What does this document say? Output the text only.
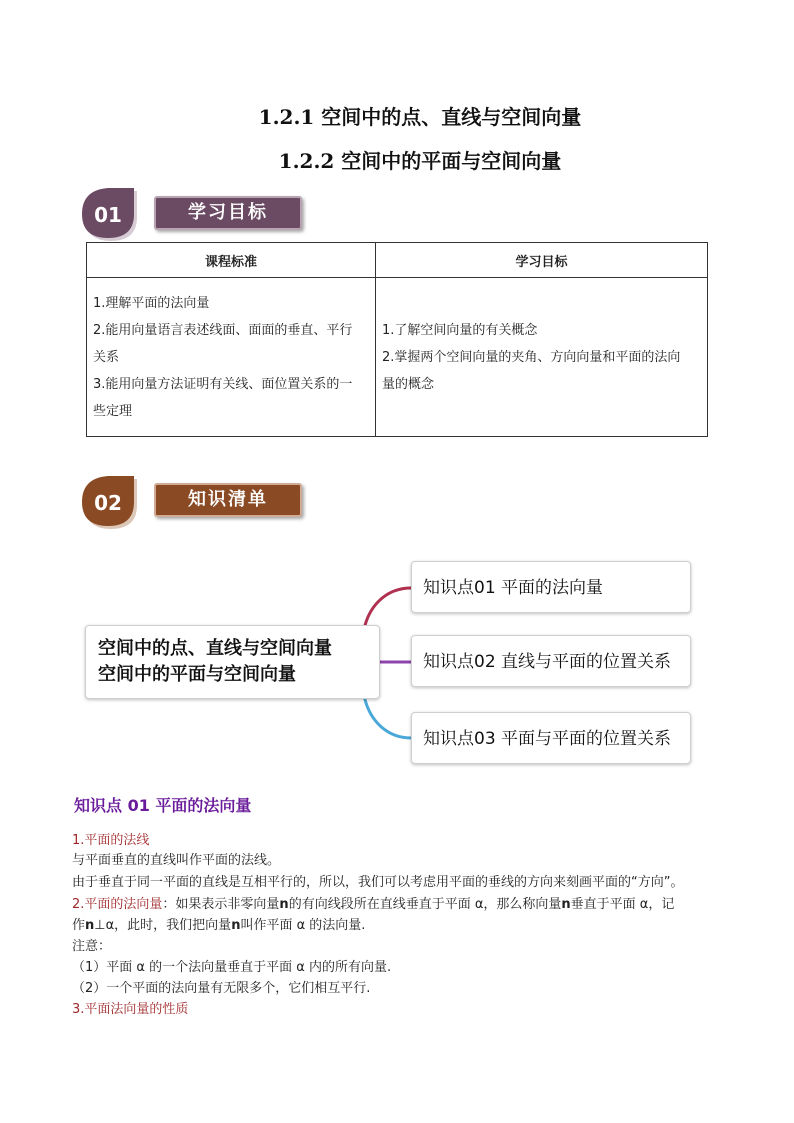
1.2.1 空间中的点、直线与空间向量
1.2.2 空间中的平面与空间向量
01	学习目标
课程标准	学习目标

1.理解平面的法向量
2.能用向量语言表述线面、面面的垂直、平行
关系
3.能用向量方法证明有关线、面位置关系的一
些定理	1.了解空间向量的有关概念
2.掌握两个空间向量的夹角、方向向量和平面的法向
量的概念
02	知识清单
空间中的点、直线与空间向量
空间中的平面与空间向量
知识点01 平面的法向量
知识点02 直线与平面的位置关系
知识点03 平面与平面的位置关系
知识点 01 平面的法向量
1.平面的法线
与平面垂直的直线叫作平面的法线。
由于垂直于同一平面的直线是互相平行的，所以，我们可以考虑用平面的垂线的方向来刻画平面的“方向”。
2.平面的法向量：如果表示非零向量n的有向线段所在直线垂直于平面 α，那么称向量n垂直于平面 α，记
作n⊥α，此时，我们把向量n叫作平面 α 的法向量.
注意：
（1）平面 α 的一个法向量垂直于平面 α 内的所有向量.
（2）一个平面的法向量有无限多个，它们相互平行.
3.平面法向量的性质
